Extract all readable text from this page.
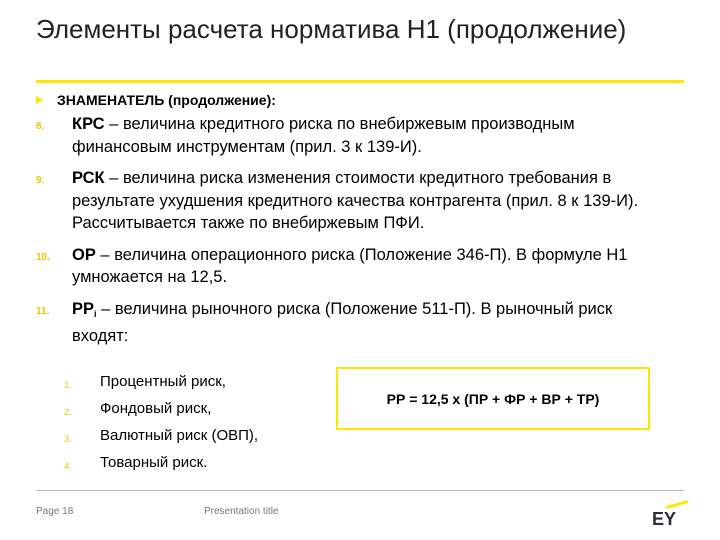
Элементы расчета норматива Н1 (продолжение)
ЗНАМЕНАТЕЛЬ (продолжение):
8. КРС – величина кредитного риска по внебиржевым производным финансовым инструментам (прил. 3 к 139-И).
9. РСК – величина риска изменения стоимости кредитного требования в результате ухудшения кредитного качества контрагента (прил. 8 к 139-И). Рассчитывается также по внебиржевым ПФИ.
10. ОР – величина операционного риска (Положение 346-П). В формуле Н1 умножается на 12,5.
11. $РР_i$ – величина рыночного риска (Положение 511-П). В рыночный риск входят:
1. Процентный риск,
2. Фондовый риск,
3. Валютный риск (ОВП),
4. Товарный риск.
РР = 12,5 х (ПР + ФР + ВР + ТР)
Page 18	Presentation title	EY
